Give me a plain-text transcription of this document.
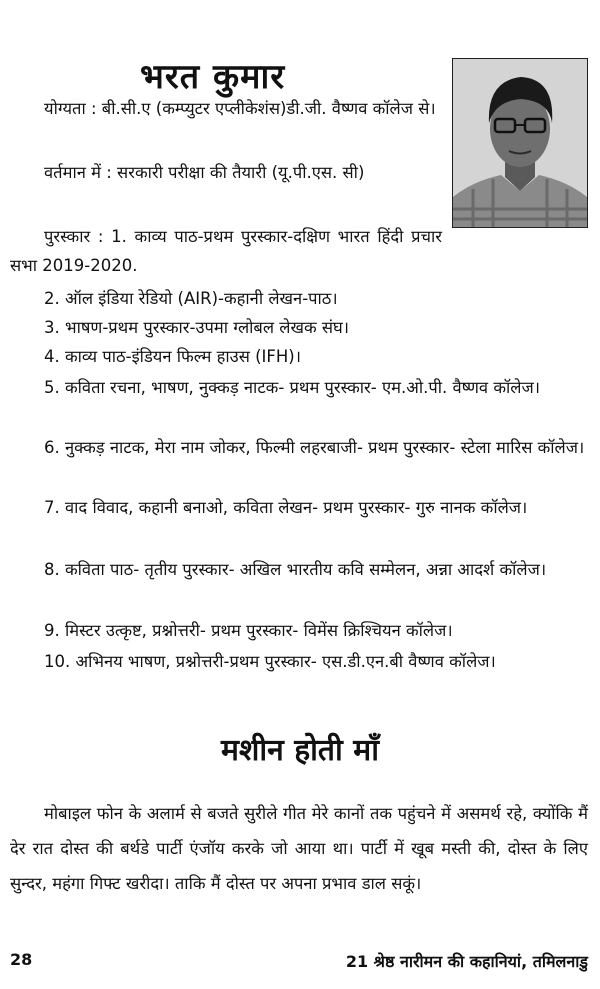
भरत कुमार

योग्यता : बी.सी.ए (कम्प्युटर एप्लीकेशंस)डी.जी. वैष्णव कॉलेज से।

वर्तमान में : सरकारी परीक्षा की तैयारी (यू.पी.एस. सी)

पुरस्कार : 1. काव्य पाठ-प्रथम पुरस्कार-दक्षिण भारत हिंदी प्रचार सभा 2019-2020.

2. ऑल इंडिया रेडियो (AIR)-कहानी लेखन-पाठ।

3. भाषण-प्रथम पुरस्कार-उपमा ग्लोबल लेखक संघ।

4. काव्य पाठ-इंडियन फिल्म हाउस (IFH)।

5. कविता रचना, भाषण, नुक्कड़ नाटक- प्रथम पुरस्कार- एम.ओ.पी. वैष्णव कॉलेज।

6. नुक्कड़ नाटक, मेरा नाम जोकर, फिल्मी लहरबाजी- प्रथम पुरस्कार- स्टेला मारिस कॉलेज।

7. वाद विवाद, कहानी बनाओ, कविता लेखन- प्रथम पुरस्कार- गुरु नानक कॉलेज।

8. कविता पाठ- तृतीय पुरस्कार- अखिल भारतीय कवि सम्मेलन, अन्ना आदर्श कॉलेज।

9. मिस्टर उत्कृष्ट, प्रश्नोत्तरी- प्रथम पुरस्कार- विमेंस क्रिश्चियन कॉलेज।

10. अभिनय भाषण, प्रश्नोत्तरी-प्रथम पुरस्कार- एस.डी.एन.बी वैष्णव कॉलेज।

मशीन होती माँ

मोबाइल फोन के अलार्म से बजते सुरीले गीत मेरे कानों तक पहुंचने में असमर्थ रहे, क्योंकि मैं देर रात दोस्त की बर्थडे पार्टी एंजॉय करके जो आया था। पार्टी में खूब मस्ती की, दोस्त के लिए सुन्दर, महंगा गिफ्ट खरीदा। ताकि मैं दोस्त पर अपना प्रभाव डाल सकूं।

28	21 श्रेष्ठ नारीमन की कहानियां, तमिलनाडु
